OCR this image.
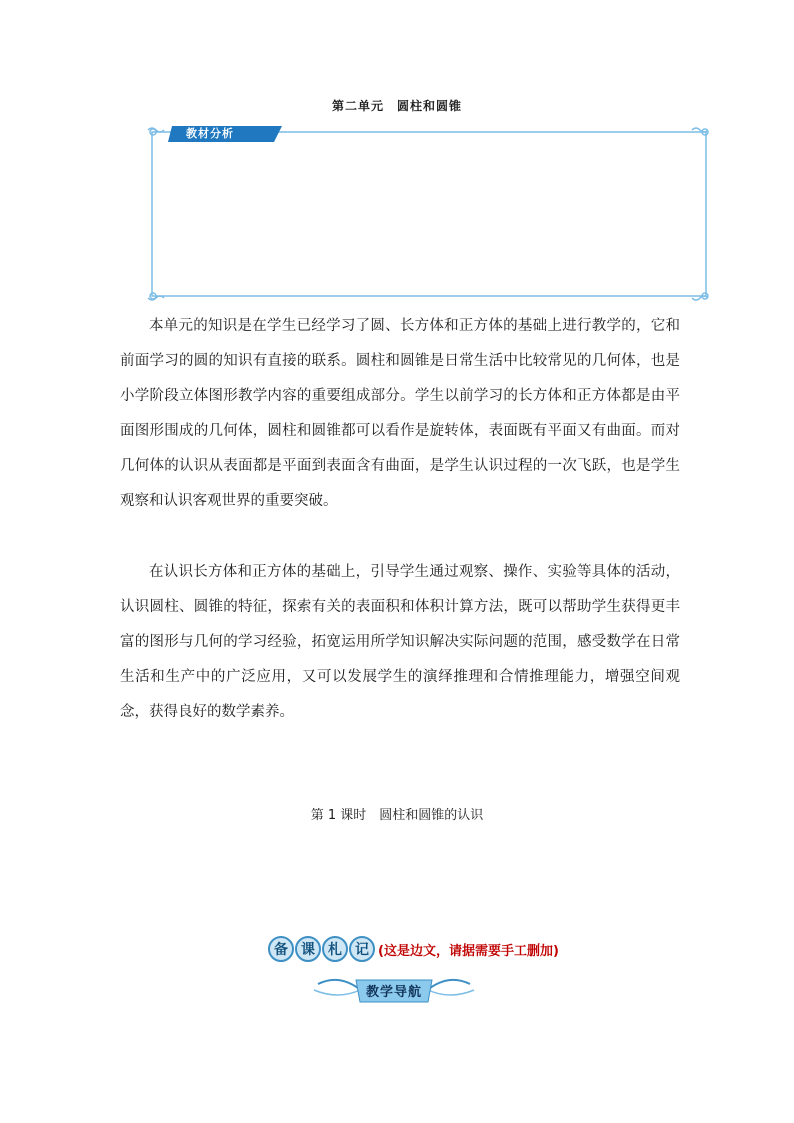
第二单元　圆柱和圆锥
教材分析

本单元的知识是在学生已经学习了圆、长方体和正方体的基础上进行教学的，它和前面学习的圆的知识有直接的联系。圆柱和圆锥是日常生活中比较常见的几何体，也是小学阶段立体图形教学内容的重要组成部分。学生以前学习的长方体和正方体都是由平面图形围成的几何体，圆柱和圆锥都可以看作是旋转体，表面既有平面又有曲面。而对几何体的认识从表面都是平面到表面含有曲面，是学生认识过程的一次飞跃，也是学生观察和认识客观世界的重要突破。

在认识长方体和正方体的基础上，引导学生通过观察、操作、实验等具体的活动，认识圆柱、圆锥的特征，探索有关的表面积和体积计算方法，既可以帮助学生获得更丰富的图形与几何的学习经验，拓宽运用所学知识解决实际问题的范围，感受数学在日常生活和生产中的广泛应用，又可以发展学生的演绎推理和合情推理能力，增强空间观念，获得良好的数学素养。

第 1 课时　圆柱和圆锥的认识
备 课 札 记 (这是边文，请据需要手工删加)
教学导航
